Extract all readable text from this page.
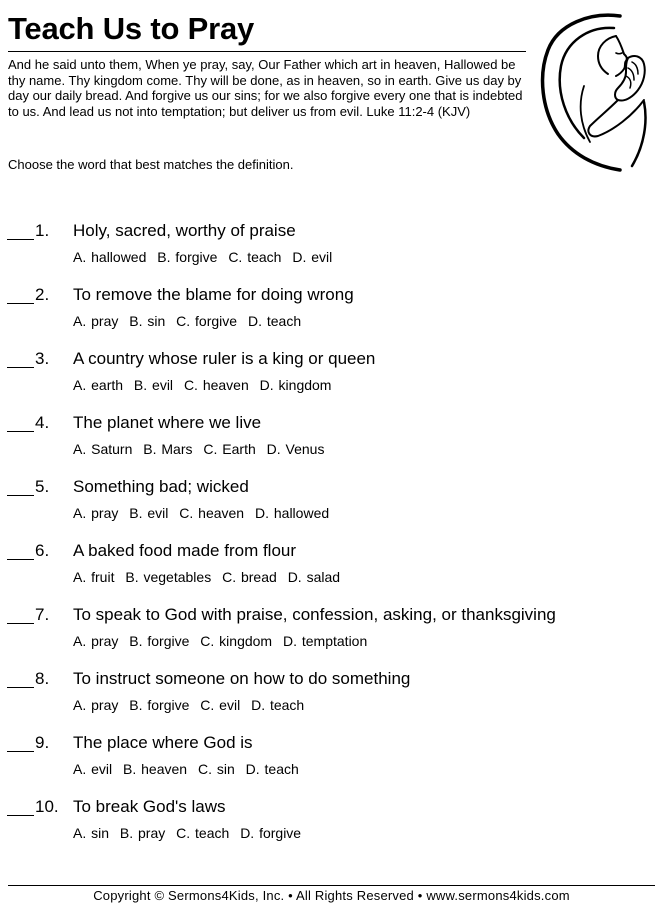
Teach Us to Pray

And he said unto them, When ye pray, say, Our Father which art in heaven, Hallowed be thy name. Thy kingdom come. Thy will be done, as in heaven, so in earth. Give us day by day our daily bread. And forgive us our sins; for we also forgive every one that is indebted to us. And lead us not into temptation; but deliver us from evil. Luke 11:2-4 (KJV)

Choose the word that best matches the definition.

1. Holy, sacred, worthy of praise
A. hallowed B. forgive C. teach D. evil
2. To remove the blame for doing wrong
A. pray B. sin C. forgive D. teach
3. A country whose ruler is a king or queen
A. earth B. evil C. heaven D. kingdom
4. The planet where we live
A. Saturn B. Mars C. Earth D. Venus
5. Something bad; wicked
A. pray B. evil C. heaven D. hallowed
6. A baked food made from flour
A. fruit B. vegetables C. bread D. salad
7. To speak to God with praise, confession, asking, or thanksgiving
A. pray B. forgive C. kingdom D. temptation
8. To instruct someone on how to do something
A. pray B. forgive C. evil D. teach
9. The place where God is
A. evil B. heaven C. sin D. teach
10. To break God's laws
A. sin B. pray C. teach D. forgive
Copyright © Sermons4Kids, Inc. • All Rights Reserved • www.sermons4kids.com
